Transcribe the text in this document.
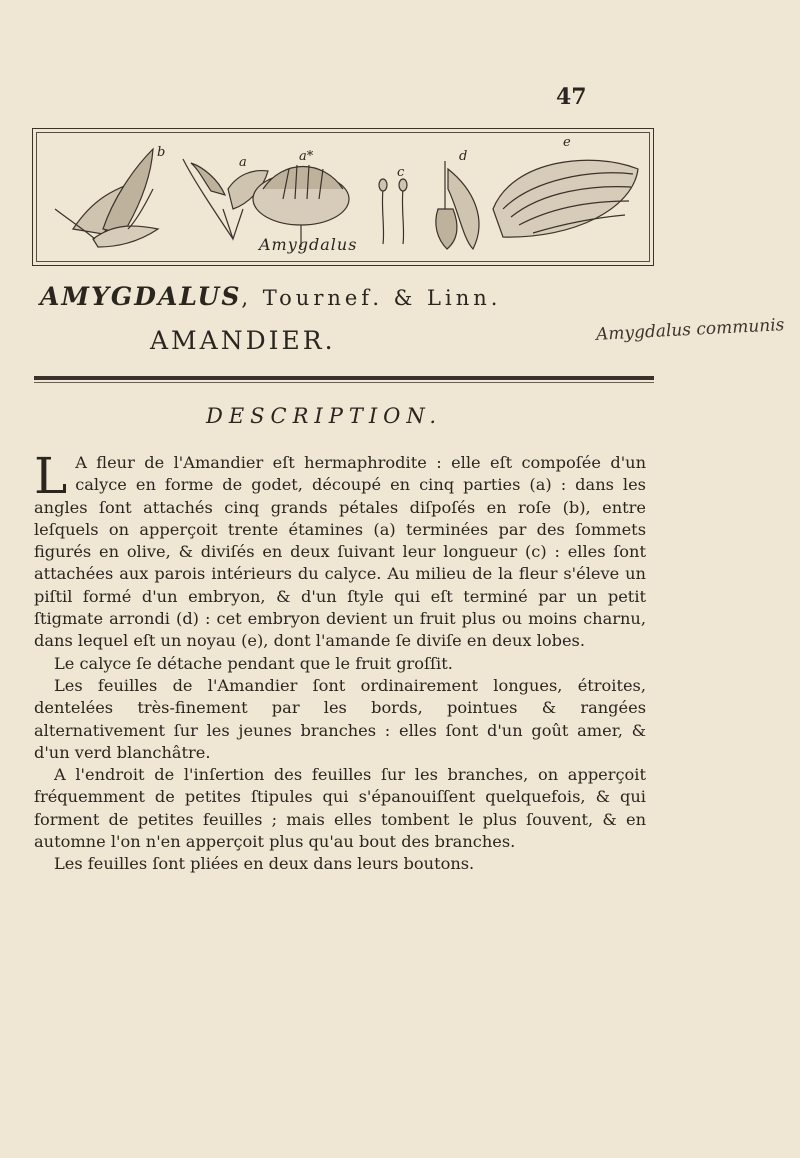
47
b
a	a*
c
d
e
Amygdalus
AMYGDALUS, Tournef. & Linn.
AMANDIER.	Amygdalus communis
DESCRIPTION.

L A fleur de l'Amandier eſt hermaphrodite : elle eſt compoſée d'un calyce en forme de godet, découpé en cinq parties (a) : dans les angles ſont attachés cinq grands pétales diſpoſés en roſe (b), entre leſquels on apperçoit trente étamines (a) terminées par des ſommets figurés en olive, & diviſés en deux ſuivant leur longueur (c) : elles ſont attachées aux parois intérieurs du calyce. Au milieu de la fleur s'éleve un piſtil formé d'un embryon, & d'un ſtyle qui eſt terminé par un petit ſtigmate arrondi (d) : cet embryon devient un fruit plus ou moins charnu, dans lequel eſt un noyau (e), dont l'amande ſe diviſe en deux lobes.

Le calyce ſe détache pendant que le fruit groſſit.

Les feuilles de l'Amandier ſont ordinairement longues, étroites, dentelées très-finement par les bords, pointues & rangées alternativement ſur les jeunes branches : elles ſont d'un goût amer, & d'un verd blanchâtre.

A l'endroit de l'inſertion des feuilles ſur les branches, on apperçoit fréquemment de petites ſtipules qui s'épanouiſſent quelquefois, & qui forment de petites feuilles ; mais elles tombent le plus ſouvent, & en automne l'on n'en apperçoit plus qu'au bout des branches.

Les feuilles ſont pliées en deux dans leurs boutons.
